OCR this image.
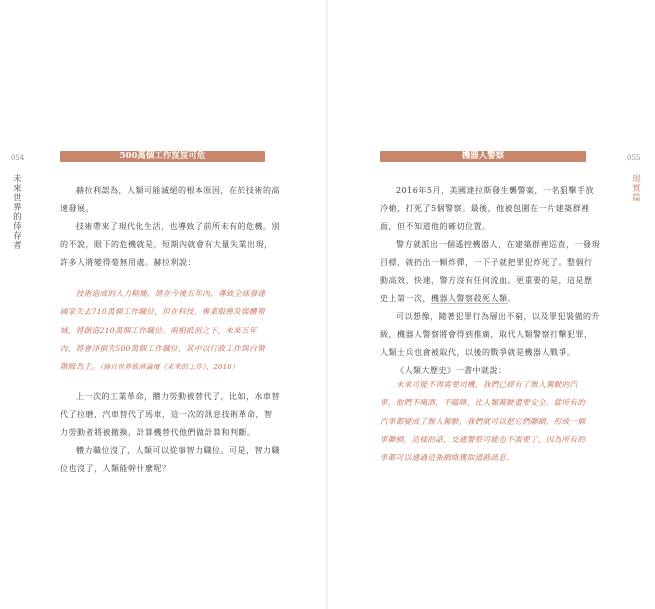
054
未來世界的倖存者
500萬個工作岌岌可危

赫拉利認為，人類可能滅絕的根本原因，在於技術的高速發展。

技術帶來了現代化生活，也導致了前所未有的危機。別的不說，眼下的危機就是，短期內就會有大量失業出現，許多人將變得毫無用處。赫拉利說：

技術造成的人力精簡，將在今後五年內，導致全球發達

國家失去710萬個工作職位，但在科技、專業服務及媒體領

域，將創造210萬個工作職位。兩相抵消之下，未來五年

內，將會淨損失500萬個工作職位，其中以行政工作與白領

階級為主。（摘自世界經濟論壇《未來的工作》，2016）

上一次的工業革命，體力勞動被替代了，比如，水車替代了拉磨，汽車替代了馬車，這一次的訊息技術革命，智力勞動者將被撤換，計算機替代他們做計算和判斷。

體力職位沒了，人類可以從事智力職位。可是，智力職位也沒了，人類能幹什麼呢？

機器人警察	055
現實篇

2016年5月，美國達拉斯發生襲警案，一名狙擊手放冷槍，打死了5個警察。最後，他被包圍在一片建築群裡面，但不知道他的確切位置。

警方就派出一個遙控機器人，在建築群裡巡查，一發現目標，就扔出一顆炸彈，一下子就把罪犯炸死了。整個行動高效、快速，警方沒有任何流血。更重要的是，這是歷史上第一次，機器人警察殺死人類。

可以想像，隨著犯罪行為層出不窮，以及罪犯裝備的升級，機器人警察將會得到推廣，取代人類警察打擊犯罪，人類士兵也會被取代，以後的戰爭就是機器人戰爭。

《人類大歷史》一書中就說：

未來可能不再需要司機，我們已經有了無人駕駛的汽

車，他們不喝酒，不瞌睡，比人類駕駛還要安全。當所有的

汽車都變成了無人駕駛，我們就可以把它們聯網，形成一個

車聯網。這樣的話，交通警察可能也不需要了，因為所有的

車都可以通過這張網絡獲取道路訊息。
